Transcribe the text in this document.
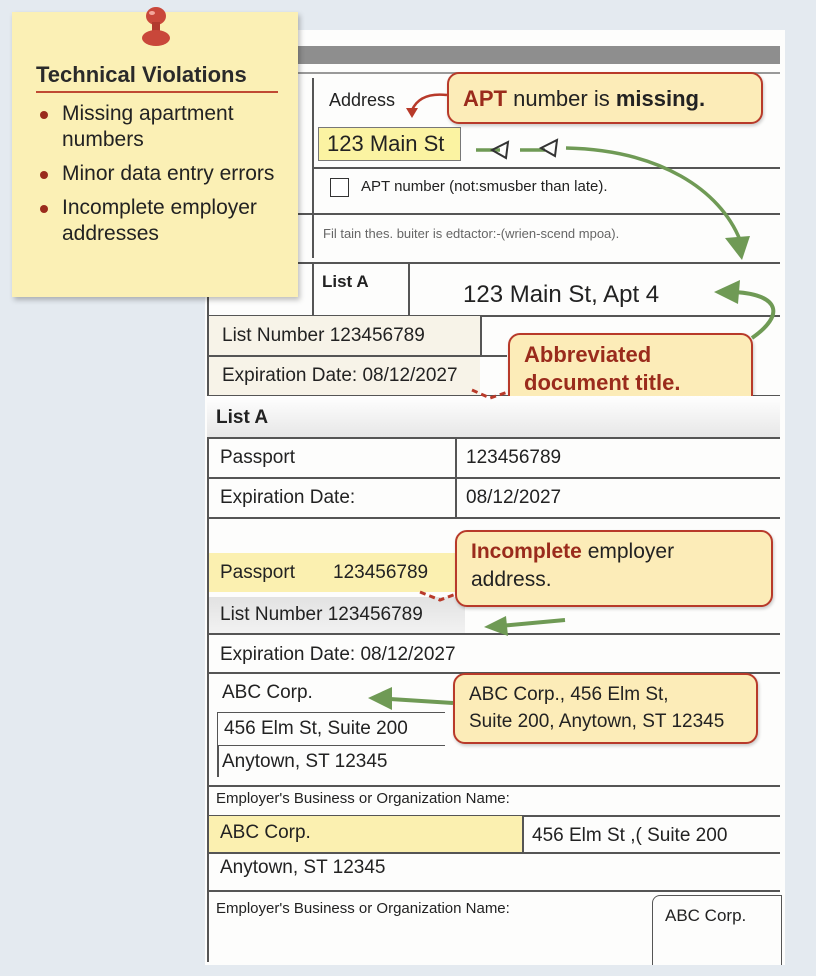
Address
123 Main St
APT number (not:smusber than late).
Fil tain thes. buiter is edtactor:-(wrien-scend mpoa).
APT number is missing.
List A	123 Main St, Apt 4
List Number 123456789
Expiration Date: 08/12/2027
Abbreviated
document title.
List A
Passport	123456789
Expiration Date:	08/12/2027
Passport 123456789
List Number 123456789
Expiration Date: 08/12/2027
ABC Corp.
456 Elm St, Suite 200
Anytown, ST 12345
Incomplete employer
address.
ABC Corp., 456 Elm St,
Suite 200, Anytown, ST 12345
Employer's Business or Organization Name:
ABC Corp.	456 Elm St ,( Suite 200
Anytown, ST 12345
Employer's Business or Organization Name:	ABC Corp.
Technical Violations
Missing apartment numbers
Minor data entry errors
Incomplete employer addresses
